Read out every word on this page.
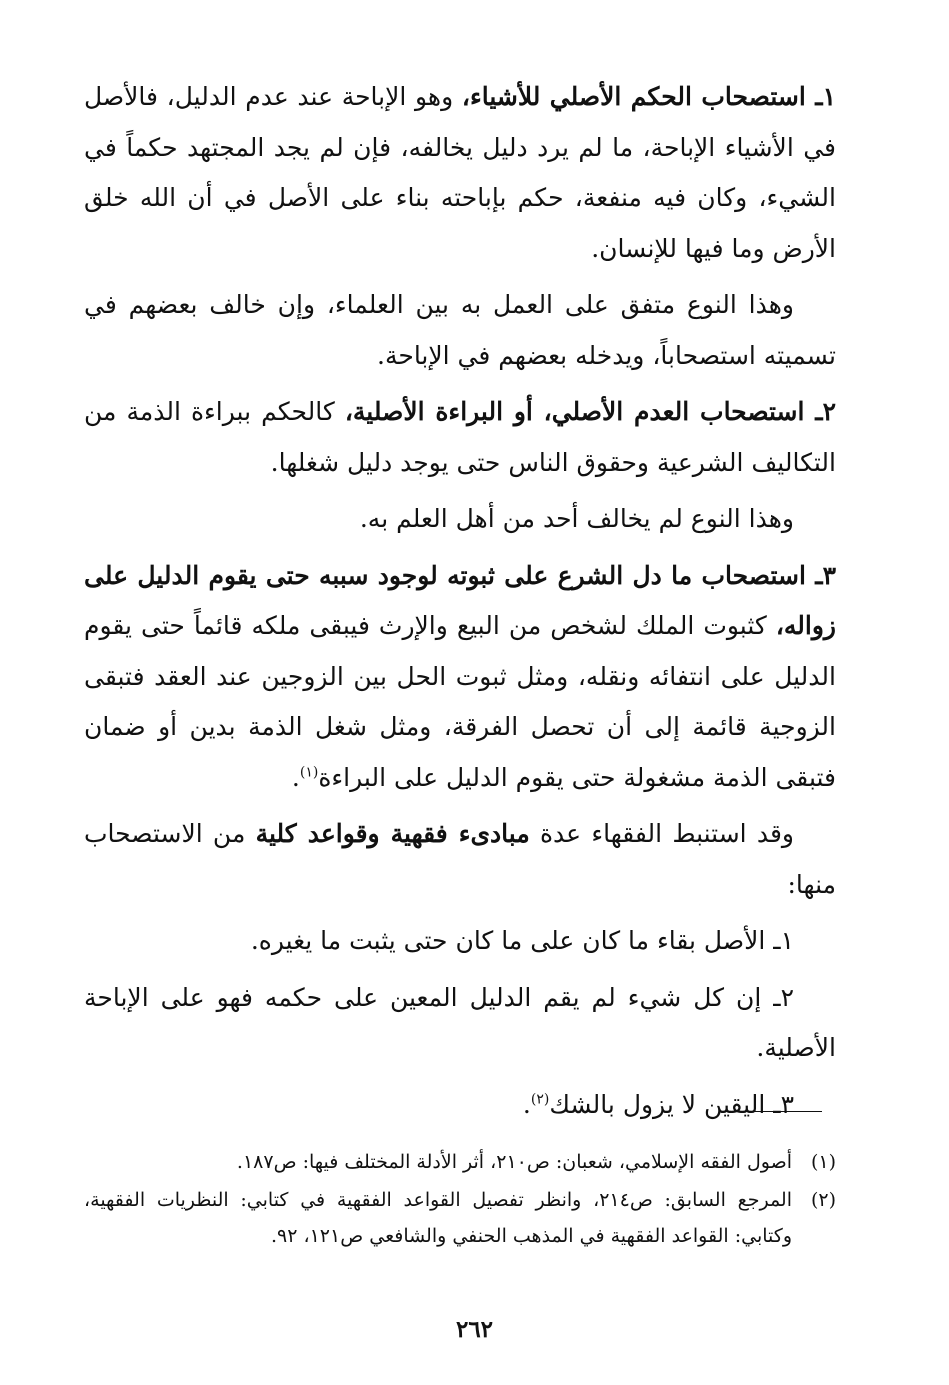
١ـ استصحاب الحكم الأصلي للأشياء، وهو الإباحة عند عدم الدليل، فالأصل في الأشياء الإباحة، ما لم يرد دليل يخالفه، فإن لم يجد المجتهد حكماً في الشيء، وكان فيه منفعة، حكم بإباحته بناء على الأصل في أن الله خلق الأرض وما فيها للإنسان.

وهذا النوع متفق على العمل به بين العلماء، وإن خالف بعضهم في تسميته استصحاباً، ويدخله بعضهم في الإباحة.

٢ـ استصحاب العدم الأصلي، أو البراءة الأصلية، كالحكم ببراءة الذمة من التكاليف الشرعية وحقوق الناس حتى يوجد دليل شغلها.

وهذا النوع لم يخالف أحد من أهل العلم به.

٣ـ استصحاب ما دل الشرع على ثبوته لوجود سببه حتى يقوم الدليل على زواله، كثبوت الملك لشخص من البيع والإرث فيبقى ملكه قائماً حتى يقوم الدليل على انتفائه ونقله، ومثل ثبوت الحل بين الزوجين عند العقد فتبقى الزوجية قائمة إلى أن تحصل الفرقة، ومثل شغل الذمة بدين أو ضمان فتبقى الذمة مشغولة حتى يقوم الدليل على البراءة$^{(١)}$.

وقد استنبط الفقهاء عدة مبادىء فقهية وقواعد كلية من الاستصحاب منها:

١ـ الأصل بقاء ما كان على ما كان حتى يثبت ما يغيره.

٢ـ إن كل شيء لم يقم الدليل المعين على حكمه فهو على الإباحة الأصلية.

٣ـ اليقين لا يزول بالشك$^{(٢)}$.

(١)
أصول الفقه الإسلامي، شعبان: ص٢١٠، أثر الأدلة المختلف فيها: ص١٨٧.
(٢)
المرجع السابق: ص٢١٤، وانظر تفصيل القواعد الفقهية في كتابي: النظريات الفقهية، وكتابي: القواعد الفقهية في المذهب الحنفي والشافعي ص١٢١، ٩٢.
٢٦٢
